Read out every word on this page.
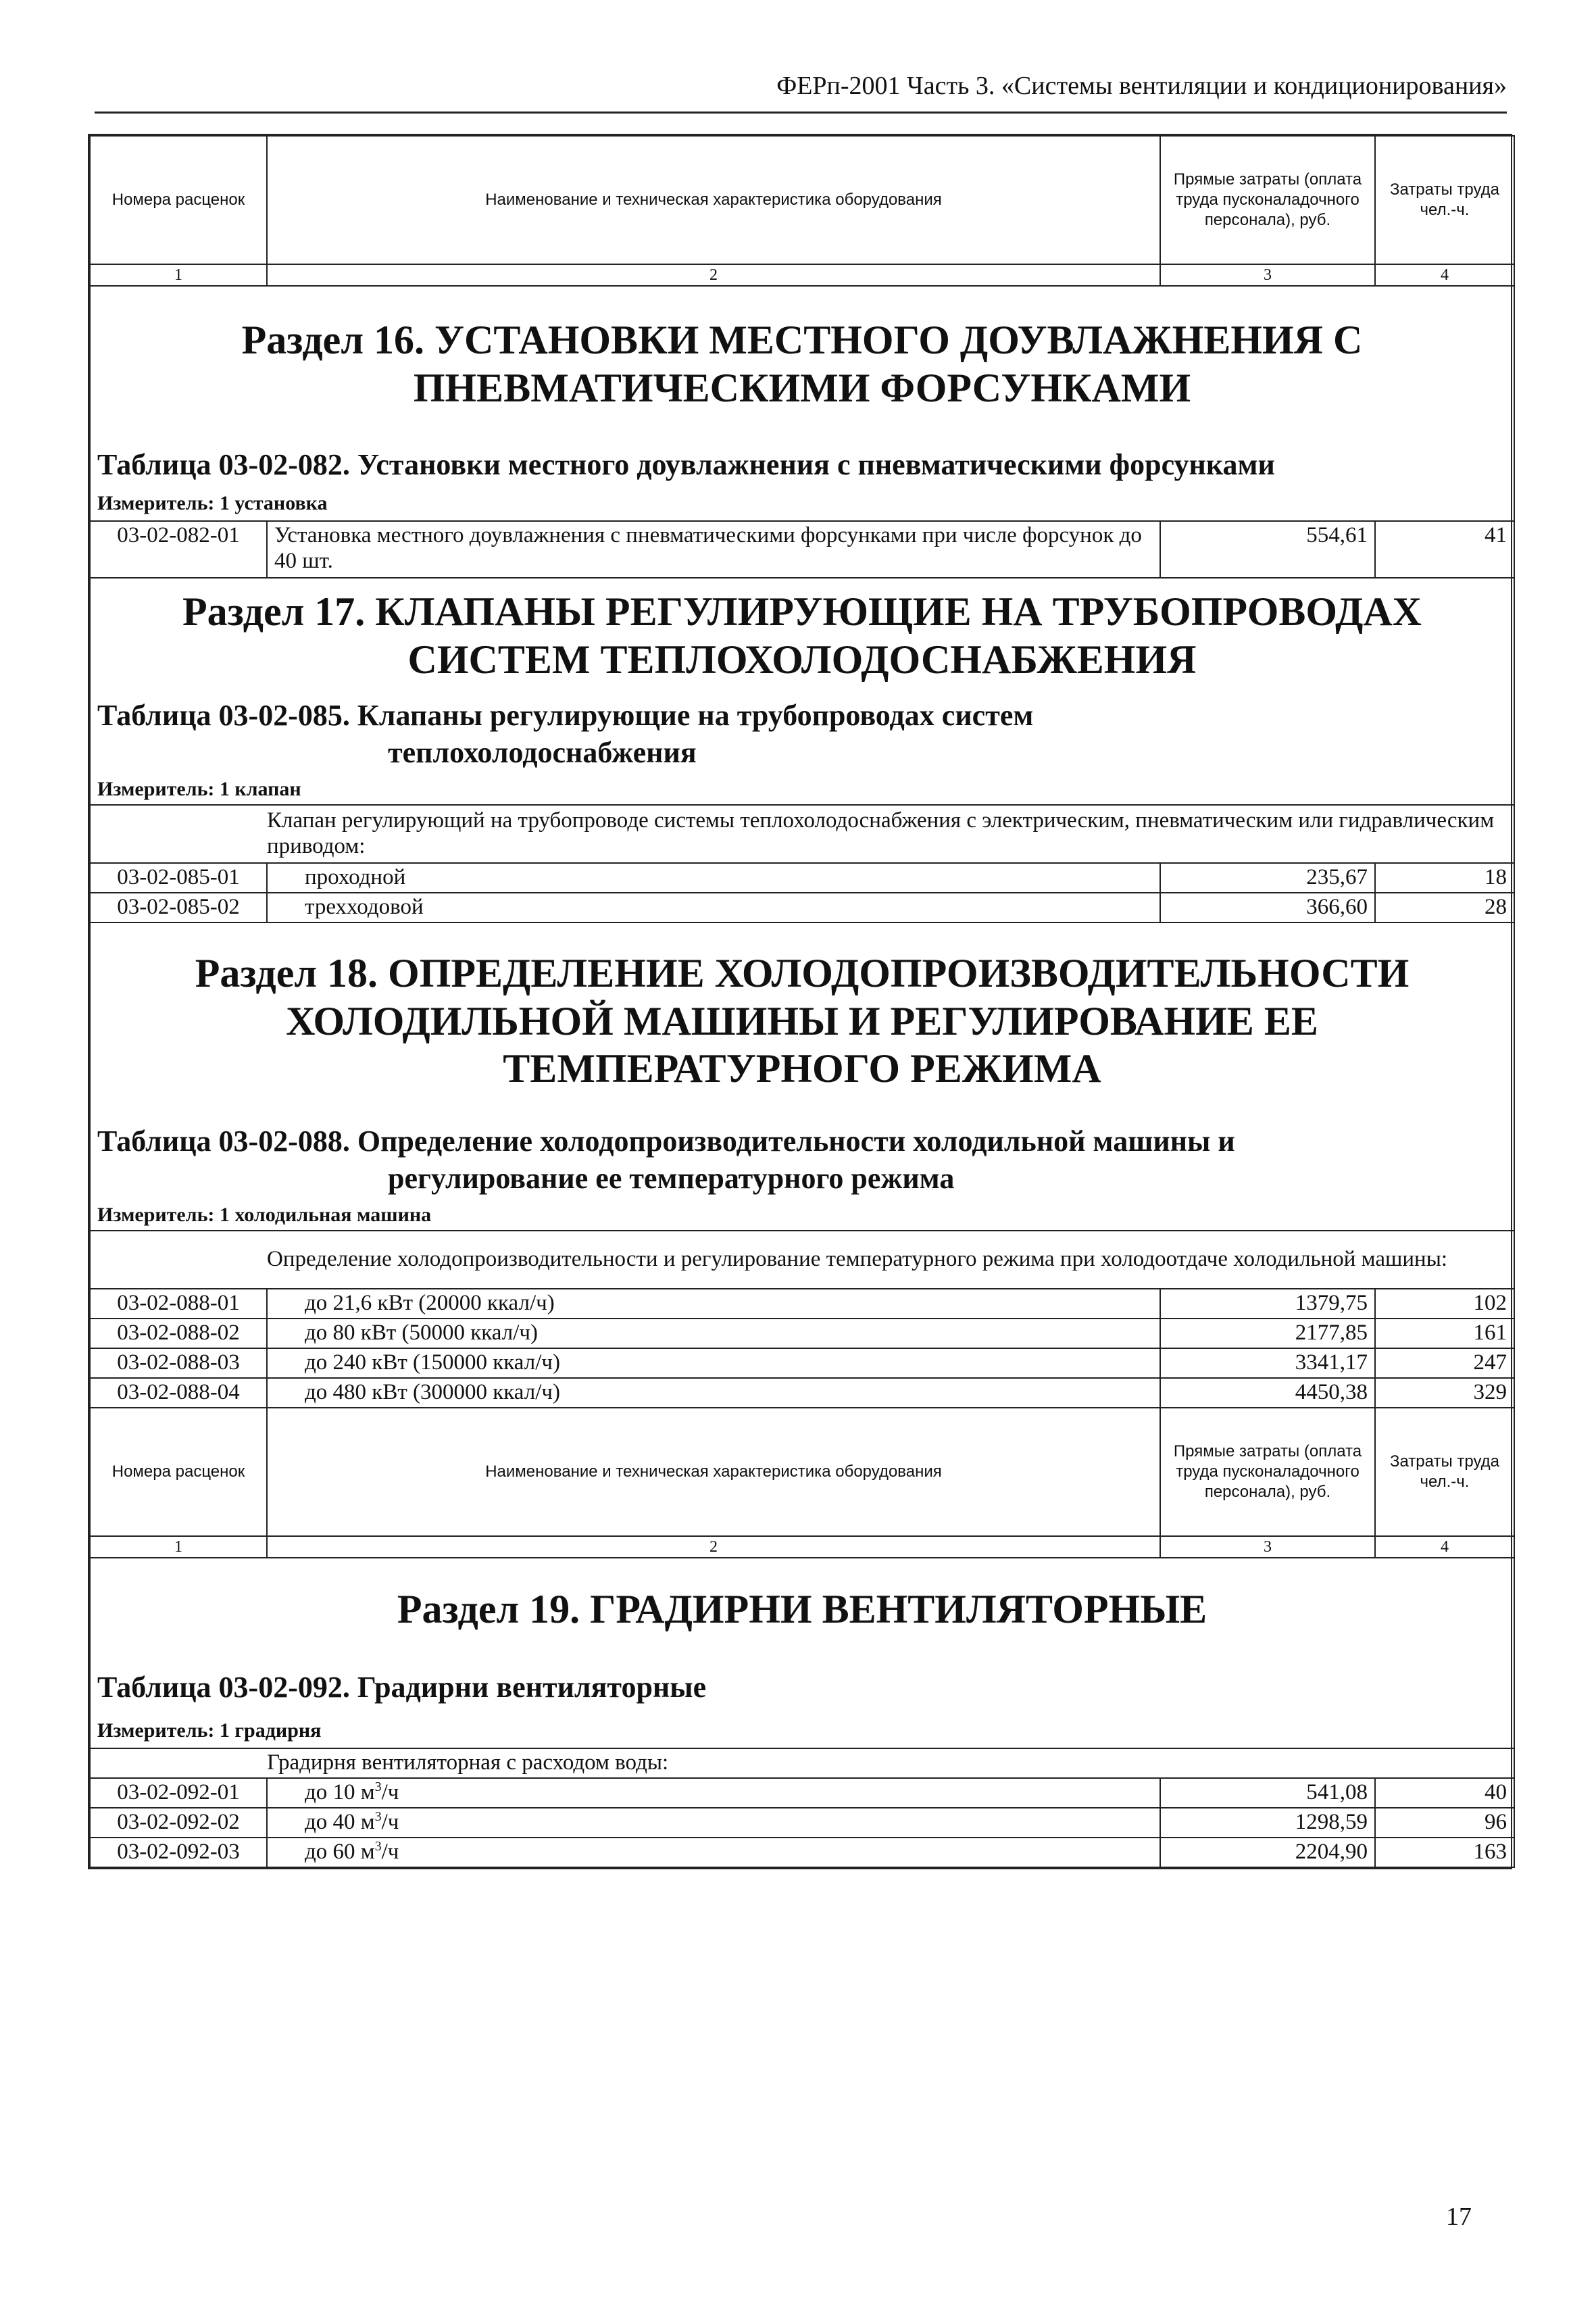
ФЕРп-2001 Часть 3. «Системы вентиляции и кондиционирования»
Номера расценок	Наименование и техническая характеристика оборудования	Прямые затраты (оплата труда пусконаладочного персонала), руб.	Затраты труда чел.-ч.
1	2	3	4
Раздел 16. УСТАНОВКИ МЕСТНОГО ДОУВЛАЖНЕНИЯ С ПНЕВМАТИЧЕСКИМИ ФОРСУНКАМИ			
Таблица 03-02-082. Установки местного доувлажнения с пневматическими форсунками			
Измеритель: 1 установка			
03-02-082-01	Установка местного доувлажнения с пневматическими форсунками при числе форсунок до 40 шт.	554,61	41
Раздел 17. КЛАПАНЫ РЕГУЛИРУЮЩИЕ НА ТРУБОПРОВОДАХ СИСТЕМ ТЕПЛОХОЛОДОСНАБЖЕНИЯ			
Таблица 03-02-085. Клапаны регулирующие на трубопроводах систем
теплохолодоснабжения			

Измеритель: 1 клапан			
	Клапан регулирующий на трубопроводе системы теплохолодоснабжения с электрическим, пневматическим или гидравлическим приводом:		
03-02-085-01	проходной	235,67	18
03-02-085-02	трехходовой	366,60	28
Раздел 18. ОПРЕДЕЛЕНИЕ ХОЛОДОПРОИЗВОДИТЕЛЬНОСТИ ХОЛОДИЛЬНОЙ МАШИНЫ И РЕГУЛИРОВАНИЕ ЕЕ ТЕМПЕРАТУРНОГО РЕЖИМА			
Таблица 03-02-088. Определение холодопроизводительности холодильной машины и
регулирование ее температурного режима			

Измеритель: 1 холодильная машина			
	Определение холодопроизводительности и регулирование температурного режима при холодоотдаче холодильной машины:		
03-02-088-01	до 21,6 кВт (20000 ккал/ч)	1379,75	102
03-02-088-02	до 80 кВт (50000 ккал/ч)	2177,85	161
03-02-088-03	до 240 кВт (150000 ккал/ч)	3341,17	247
03-02-088-04	до 480 кВт (300000 ккал/ч)	4450,38	329
Номера расценок	Наименование и техническая характеристика оборудования	Прямые затраты (оплата труда пусконаладочного персонала), руб.	Затраты труда чел.-ч.
1	2	3	4
Раздел 19. ГРАДИРНИ ВЕНТИЛЯТОРНЫЕ			
Таблица 03-02-092. Градирни вентиляторные			
Измеритель: 1 градирня			
	Градирня вентиляторная с расходом воды:		
03-02-092-01	до 10 $м^3/ч$	541,08	40
03-02-092-02	до 40 $м^3/ч$	1298,59	96
03-02-092-03	до 60 $м^3/ч$	2204,90	163
17
